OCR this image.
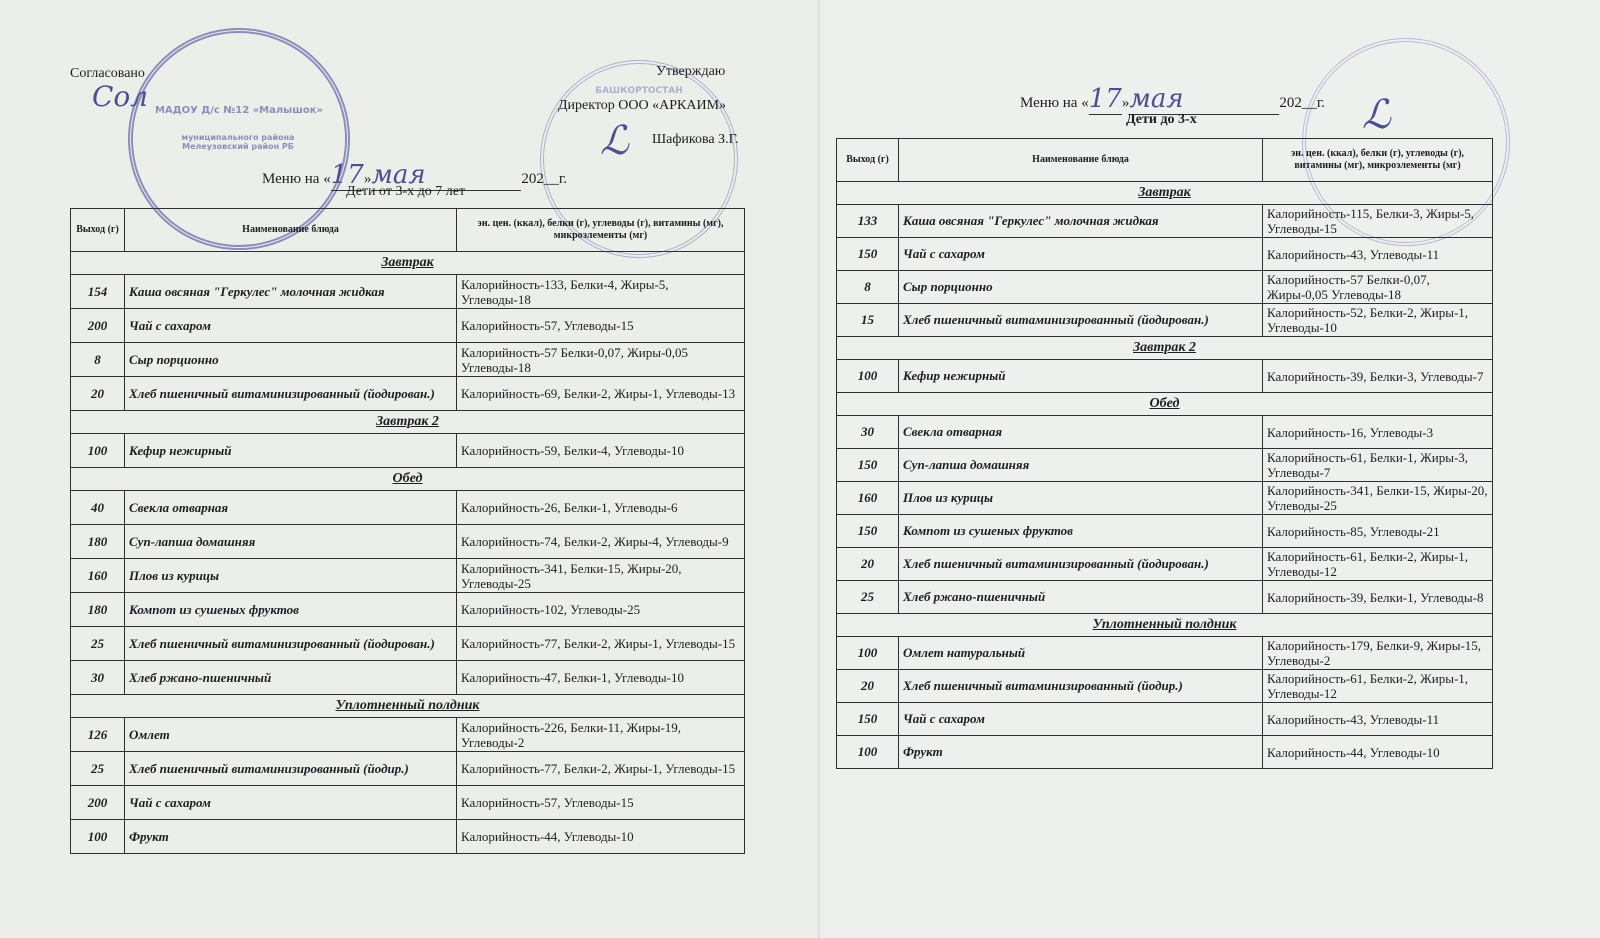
МАДОУ Д/с №12 «Малышок»
муниципального района Мелеузовский район РБ
БАШКОРТОСТАН
Согласовано
Сол
Утверждаю
Директор ООО «АРКАИМ»
Шафикова З.Г.
ℒ
Меню на «17»мая	202__г.
Дети от 3-х до 7 лет
Выход (г)	Наименование блюда	эн. цен. (ккал), белки (г), углеводы (г), витамины (мг), микроэлементы (мг)
Завтрак		
154	Каша овсяная "Геркулес" молочная жидкая	Калорийность-133, Белки-4, Жиры-5, Углеводы-18
200	Чай с сахаром	Калорийность-57, Углеводы-15
8	Сыр порционно	Калорийность-57 Белки-0,07, Жиры-0,05 Углеводы-18
20	Хлеб пшеничный витаминизированный (йодирован.)	Калорийность-69, Белки-2, Жиры-1, Углеводы-13
Завтрак 2		
100	Кефир нежирный	Калорийность-59, Белки-4, Углеводы-10
Обед		
40	Свекла отварная	Калорийность-26, Белки-1, Углеводы-6
180	Суп-лапша домашняя	Калорийность-74, Белки-2, Жиры-4, Углеводы-9
160	Плов из курицы	Калорийность-341, Белки-15, Жиры-20, Углеводы-25
180	Компот из сушеных фруктов	Калорийность-102, Углеводы-25
25	Хлеб пшеничный витаминизированный (йодирован.)	Калорийность-77, Белки-2, Жиры-1, Углеводы-15
30	Хлеб ржано-пшеничный	Калорийность-47, Белки-1, Углеводы-10
Уплотненный полдник		
126	Омлет	Калорийность-226, Белки-11, Жиры-19, Углеводы-2
25	Хлеб пшеничный витаминизированный (йодир.)	Калорийность-77, Белки-2, Жиры-1, Углеводы-15
200	Чай с сахаром	Калорийность-57, Углеводы-15
100	Фрукт	Калорийность-44, Углеводы-10
ℒ
Меню на «17»мая	202__г.
Дети до 3-х
Выход (г)	Наименование блюда	эн. цен. (ккал), белки (г), углеводы (г), витамины (мг), микроэлементы (мг)
Завтрак		
133	Каша овсяная "Геркулес" молочная жидкая	Калорийность-115, Белки-3, Жиры-5, Углеводы-15
150	Чай с сахаром	Калорийность-43, Углеводы-11
8	Сыр порционно	Калорийность-57 Белки-0,07, Жиры-0,05 Углеводы-18
15	Хлеб пшеничный витаминизированный (йодирован.)	Калорийность-52, Белки-2, Жиры-1, Углеводы-10
Завтрак 2		
100	Кефир нежирный	Калорийность-39, Белки-3, Углеводы-7
Обед		
30	Свекла отварная	Калорийность-16, Углеводы-3
150	Суп-лапша домашняя	Калорийность-61, Белки-1, Жиры-3, Углеводы-7
160	Плов из курицы	Калорийность-341, Белки-15, Жиры-20, Углеводы-25
150	Компот из сушеных фруктов	Калорийность-85, Углеводы-21
20	Хлеб пшеничный витаминизированный (йодирован.)	Калорийность-61, Белки-2, Жиры-1, Углеводы-12
25	Хлеб ржано-пшеничный	Калорийность-39, Белки-1, Углеводы-8
Уплотненный полдник		
100	Омлет натуральный	Калорийность-179, Белки-9, Жиры-15, Углеводы-2
20	Хлеб пшеничный витаминизированный (йодир.)	Калорийность-61, Белки-2, Жиры-1, Углеводы-12
150	Чай с сахаром	Калорийность-43, Углеводы-11
100	Фрукт	Калорийность-44, Углеводы-10
